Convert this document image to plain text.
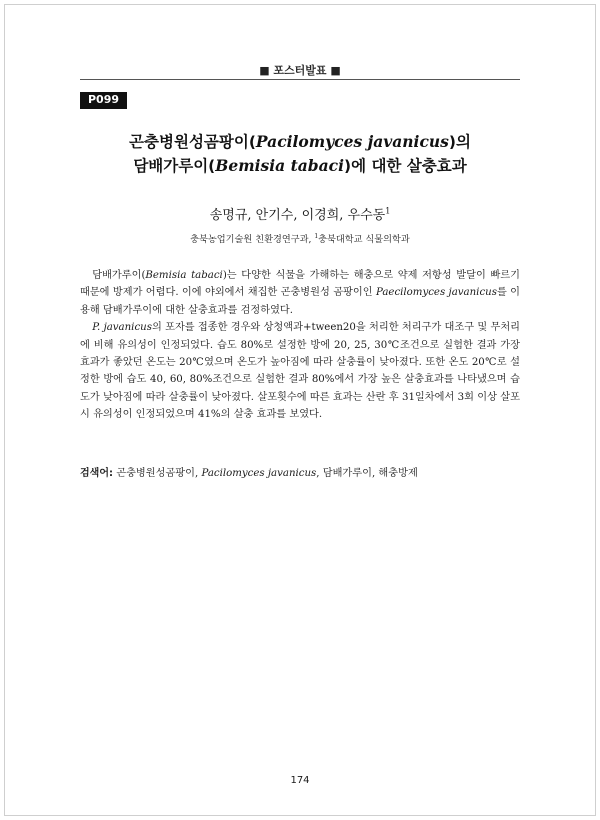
■ 포스터발표 ■
P099
곤충병원성곰팡이(Pacilomyces javanicus)의
담배가루이(Bemisia tabaci)에 대한 살충효과
송명규, 안기수, 이경희, 우수동$^1$
충북농업기술원 친환경연구과, $^1$충북대학교 식물의학과

담배가루이(Bemisia tabaci)는 다양한 식물을 가해하는 해충으로 약제 저항성 발달이 빠르기 때문에 방제가 어렵다. 이에 야외에서 채집한 곤충병원성 곰팡이인 Paecilomyces javanicus를 이용해 담배가루이에 대한 살충효과를 검정하였다.

P. javanicus의 포자를 접종한 경우와 상청액과+tween20을 처리한 처리구가 대조구 및 무처리에 비해 유의성이 인정되었다. 습도 80%로 설정한 방에 20, 25, 30℃조건으로 실험한 결과 가장 효과가 좋았던 온도는 20℃였으며 온도가 높아짐에 따라 살충률이 낮아졌다. 또한 온도 20℃로 설정한 방에 습도 40, 60, 80%조건으로 실험한 결과 80%에서 가장 높은 살충효과를 나타냈으며 습도가 낮아짐에 따라 살충률이 낮아졌다. 살포횟수에 따른 효과는 산란 후 31일차에서 3회 이상 살포시 유의성이 인정되었으며 41%의 살충 효과를 보였다.

검색어: 곤충병원성곰팡이, Pacilomyces javanicus, 담배가루이, 해충방제
174
